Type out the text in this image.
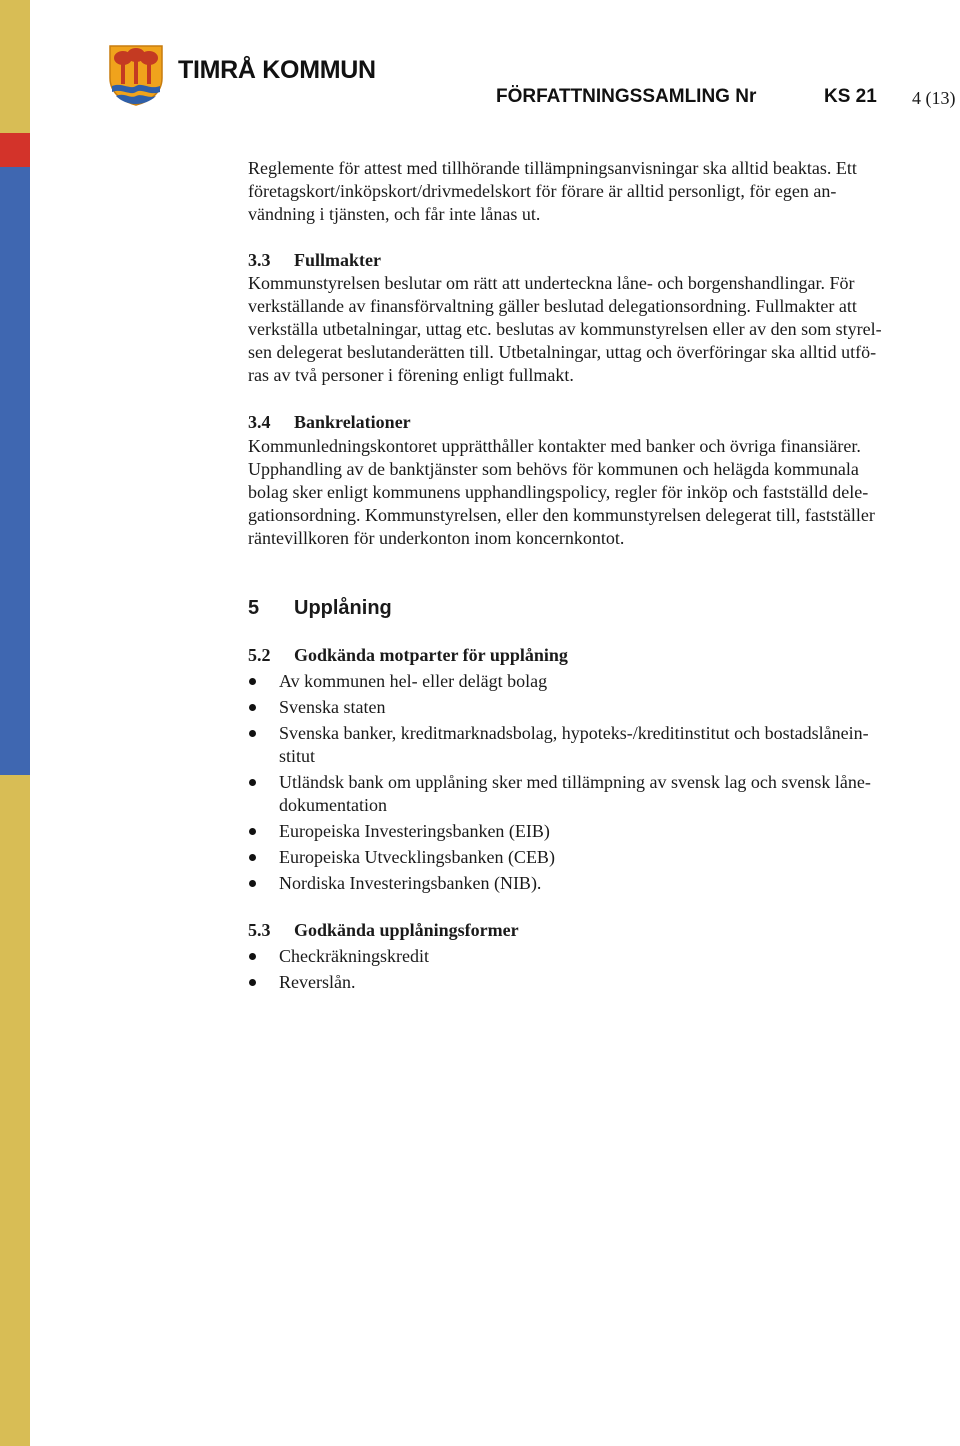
TIMRÅ KOMMUN
FÖRFATTNINGSSAMLING Nr	KS 21 4 (13)

Reglemente för attest med tillhörande tillämpningsanvisningar ska alltid beaktas. Ett
företagskort/inköpskort/drivmedelskort för förare är alltid personligt, för egen an-
vändning i tjänsten, och får inte lånas ut.

3.3 Fullmakter

Kommunstyrelsen beslutar om rätt att underteckna låne- och borgenshandlingar. För
verkställande av finansförvaltning gäller beslutad delegationsordning. Fullmakter att
verkställa utbetalningar, uttag etc. beslutas av kommunstyrelsen eller av den som styrel-
sen delegerat beslutanderätten till. Utbetalningar, uttag och överföringar ska alltid utfö-
ras av två personer i förening enligt fullmakt.

3.4 Bankrelationer

Kommunledningskontoret upprätthåller kontakter med banker och övriga finansiärer.
Upphandling av de banktjänster som behövs för kommunen och helägda kommunala
bolag sker enligt kommunens upphandlingspolicy, regler för inköp och fastställd dele-
gationsordning. Kommunstyrelsen, eller den kommunstyrelsen delegerat till, fastställer
räntevillkoren för underkonton inom koncernkontot.

5 Upplåning
5.2 Godkända motparter för upplåning
Av kommunen hel- eller delägt bolag
Svenska staten
Svenska banker, kreditmarknadsbolag, hypoteks-/kreditinstitut och bostadslånein-
stitut
Utländsk bank om upplåning sker med tillämpning av svensk lag och svensk låne-
dokumentation
Europeiska Investeringsbanken (EIB)
Europeiska Utvecklingsbanken (CEB)
Nordiska Investeringsbanken (NIB).
5.3 Godkända upplåningsformer
Checkräkningskredit
Reverslån.
